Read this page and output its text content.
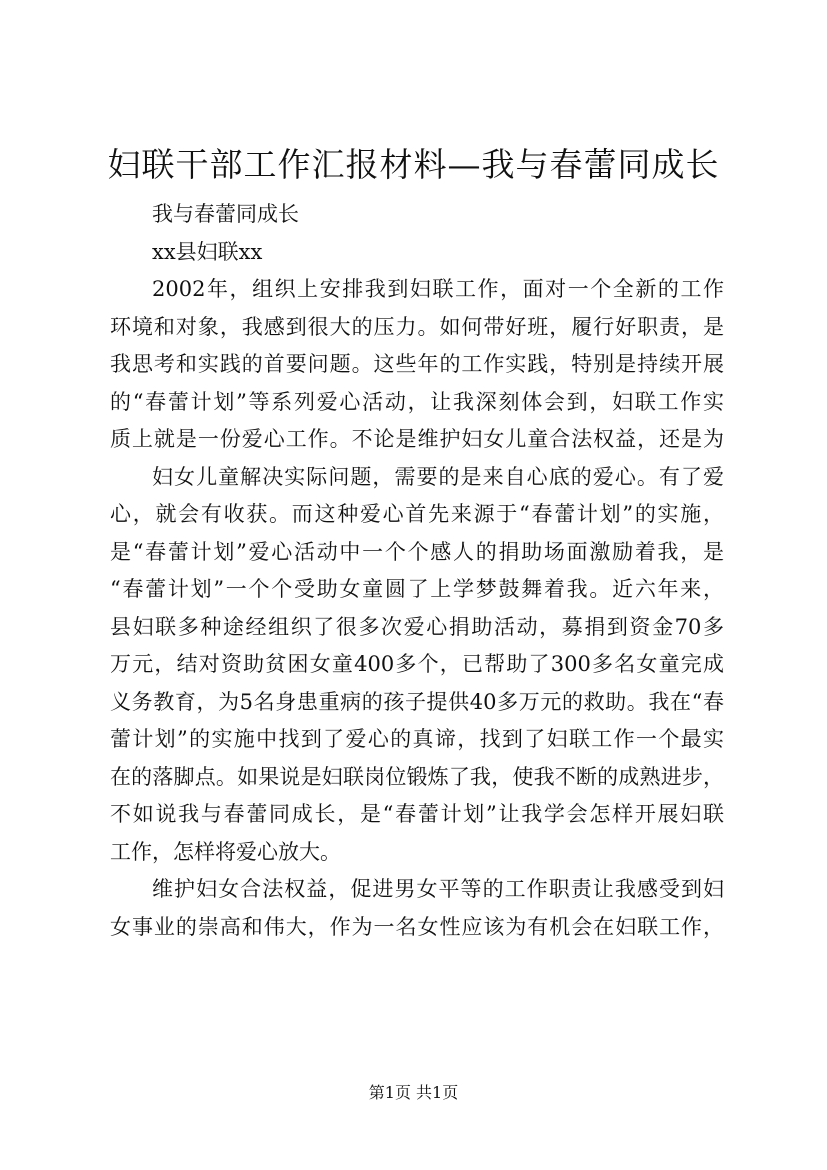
妇联干部工作汇报材料—我与春蕾同成长
我与春蕾同成长
xx县妇联xx
2002年，组织上安排我到妇联工作，面对一个全新的工作
环境和对象，我感到很大的压力。如何带好班，履行好职责，是
我思考和实践的首要问题。这些年的工作实践，特别是持续开展
的“春蕾计划”等系列爱心活动，让我深刻体会到，妇联工作实
质上就是一份爱心工作。不论是维护妇女儿童合法权益，还是为
妇女儿童解决实际问题，需要的是来自心底的爱心。有了爱
心，就会有收获。而这种爱心首先来源于“春蕾计划”的实施，
是“春蕾计划”爱心活动中一个个感人的捐助场面激励着我，是
“春蕾计划”一个个受助女童圆了上学梦鼓舞着我。近六年来，
县妇联多种途经组织了很多次爱心捐助活动，募捐到资金70多
万元，结对资助贫困女童400多个，已帮助了300多名女童完成
义务教育，为5名身患重病的孩子提供40多万元的救助。我在“春
蕾计划”的实施中找到了爱心的真谛，找到了妇联工作一个最实
在的落脚点。如果说是妇联岗位锻炼了我，使我不断的成熟进步，
不如说我与春蕾同成长，是“春蕾计划”让我学会怎样开展妇联
工作，怎样将爱心放大。
维护妇女合法权益，促进男女平等的工作职责让我感受到妇
女事业的崇高和伟大，作为一名女性应该为有机会在妇联工作，
第1页 共1页
